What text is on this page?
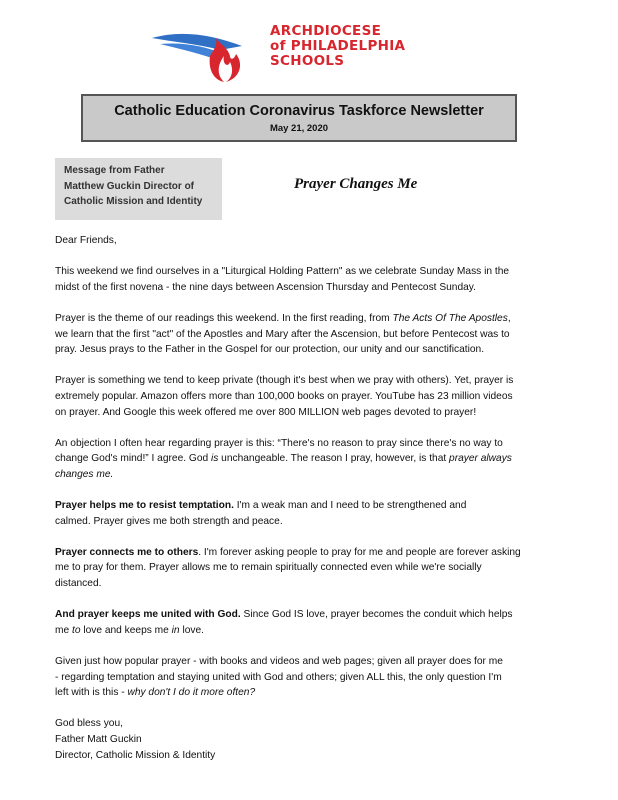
ARCHDIOCESE
of PHILADELPHIA
SCHOOLS
Catholic Education Coronavirus Taskforce Newsletter
May 21, 2020
Message from Father
Matthew Guckin Director of
Catholic Mission and Identity
Prayer Changes Me
Dear Friends,
This weekend we find ourselves in a "Liturgical Holding Pattern" as we celebrate Sunday Mass in the
midst of the first novena - the nine days between Ascension Thursday and Pentecost Sunday.
Prayer is the theme of our readings this weekend. In the first reading, from The Acts Of The Apostles,
we learn that the first "act" of the Apostles and Mary after the Ascension, but before Pentecost was to
pray. Jesus prays to the Father in the Gospel for our protection, our unity and our sanctification.
Prayer is something we tend to keep private (though it's best when we pray with others). Yet, prayer is
extremely popular. Amazon offers more than 100,000 books on prayer. YouTube has 23 million videos
on prayer. And Google this week offered me over 800 MILLION web pages devoted to prayer!
An objection I often hear regarding prayer is this: “There's no reason to pray since there's no way to
change God's mind!” I agree. God is unchangeable. The reason I pray, however, is that prayer always
changes me.
Prayer helps me to resist temptation. I'm a weak man and I need to be strengthened and
calmed. Prayer gives me both strength and peace.
Prayer connects me to others. I'm forever asking people to pray for me and people are forever asking
me to pray for them. Prayer allows me to remain spiritually connected even while we're socially
distanced.
And prayer keeps me united with God. Since God IS love, prayer becomes the conduit which helps
me to love and keeps me in love.
Given just how popular prayer - with books and videos and web pages; given all prayer does for me
- regarding temptation and staying united with God and others; given ALL this, the only question I'm
left with is this - why don't I do it more often?
God bless you,
Father Matt Guckin
Director, Catholic Mission & Identity
